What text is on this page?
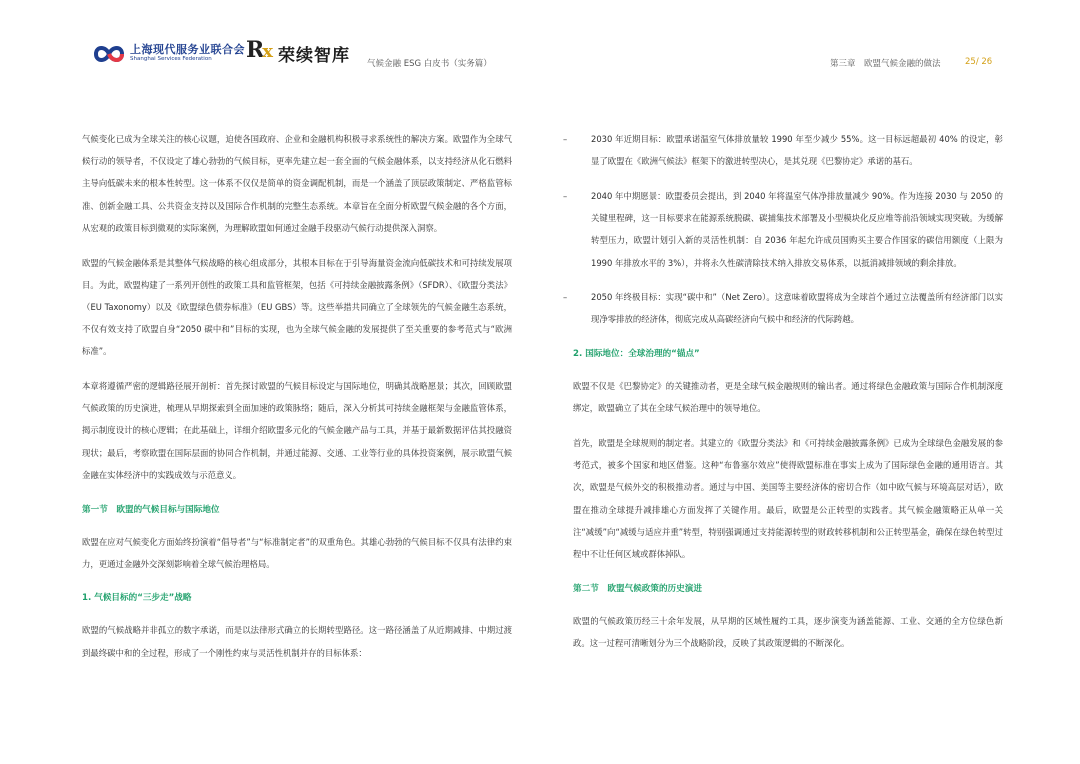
上海现代服务业联合会
Shanghai Services Federation Rx 荣续智库 气候金融 ESG 白皮书（实务篇）	第三章　欧盟气候金融的做法	25/ 26

气候变化已成为全球关注的核心议题，迫使各国政府、企业和金融机构积极寻求系统性的解决方案。欧盟作为全球气候行动的领导者，不仅设定了雄心勃勃的气候目标，更率先建立起一套全面的气候金融体系，以支持经济从化石燃料主导向低碳未来的根本性转型。这一体系不仅仅是简单的资金调配机制，而是一个涵盖了顶层政策制定、严格监管标准、创新金融工具、公共资金支持以及国际合作机制的完整生态系统。本章旨在全面分析欧盟气候金融的各个方面，从宏观的政策目标到微观的实际案例，为理解欧盟如何通过金融手段驱动气候行动提供深入洞察。

欧盟的气候金融体系是其整体气候战略的核心组成部分，其根本目标在于引导海量资金流向低碳技术和可持续发展项目。为此，欧盟构建了一系列开创性的政策工具和监管框架，包括《可持续金融披露条例》（SFDR）、《欧盟分类法》（EU Taxonomy）以及《欧盟绿色债券标准》（EU GBS）等。这些举措共同确立了全球领先的气候金融生态系统，不仅有效支持了欧盟自身“2050 碳中和”目标的实现，也为全球气候金融的发展提供了至关重要的参考范式与“欧洲标准”。

本章将遵循严密的逻辑路径展开剖析：首先探讨欧盟的气候目标设定与国际地位，明确其战略愿景；其次，回顾欧盟气候政策的历史演进，梳理从早期探索到全面加速的政策脉络；随后，深入分析其可持续金融框架与金融监管体系，揭示制度设计的核心逻辑；在此基础上，详细介绍欧盟多元化的气候金融产品与工具，并基于最新数据评估其投融资现状；最后，考察欧盟在国际层面的协同合作机制，并通过能源、交通、工业等行业的具体投资案例，展示欧盟气候金融在实体经济中的实践成效与示范意义。

第一节　欧盟的气候目标与国际地位

欧盟在应对气候变化方面始终扮演着“倡导者”与“标准制定者”的双重角色。其雄心勃勃的气候目标不仅具有法律约束力，更通过金融外交深刻影响着全球气候治理格局。

1. 气候目标的“三步走”战略

欧盟的气候战略并非孤立的数字承诺，而是以法律形式确立的长期转型路径。这一路径涵盖了从近期减排、中期过渡到最终碳中和的全过程，形成了一个刚性约束与灵活性机制并存的目标体系：

–	2030 年近期目标：欧盟承诺温室气体排放量较 1990 年至少减少 55%。这一目标远超最初 40% 的设定，彰显了欧盟在《欧洲气候法》框架下的激进转型决心，是其兑现《巴黎协定》承诺的基石。
–	2040 年中期愿景：欧盟委员会提出，到 2040 年将温室气体净排放量减少 90%。作为连接 2030 与 2050 的关键里程碑，这一目标要求在能源系统脱碳、碳捕集技术部署及小型模块化反应堆等前沿领域实现突破。为缓解转型压力，欧盟计划引入新的灵活性机制：自 2036 年起允许成员国购买主要合作国家的碳信用额度（上限为 1990 年排放水平的 3%），并将永久性碳清除技术纳入排放交易体系，以抵消减排领域的剩余排放。
–	2050 年终极目标：实现“碳中和”（Net Zero）。这意味着欧盟将成为全球首个通过立法覆盖所有经济部门以实现净零排放的经济体，彻底完成从高碳经济向气候中和经济的代际跨越。
2. 国际地位：全球治理的“锚点”

欧盟不仅是《巴黎协定》的关键推动者，更是全球气候金融规则的输出者。通过将绿色金融政策与国际合作机制深度绑定，欧盟确立了其在全球气候治理中的领导地位。

首先，欧盟是全球规则的制定者。其建立的《欧盟分类法》和《可持续金融披露条例》已成为全球绿色金融发展的参考范式，被多个国家和地区借鉴。这种“布鲁塞尔效应”使得欧盟标准在事实上成为了国际绿色金融的通用语言。其次，欧盟是气候外交的积极推动者。通过与中国、美国等主要经济体的密切合作（如中欧气候与环境高层对话），欧盟在推动全球提升减排雄心方面发挥了关键作用。最后，欧盟是公正转型的实践者。其气候金融策略正从单一关注“减缓”向“减缓与适应并重”转型，特别强调通过支持能源转型的财政转移机制和公正转型基金，确保在绿色转型过程中不让任何区域或群体掉队。

第二节　欧盟气候政策的历史演进

欧盟的气候政策历经三十余年发展，从早期的区域性履约工具，逐步演变为涵盖能源、工业、交通的全方位绿色新政。这一过程可清晰划分为三个战略阶段，反映了其政策逻辑的不断深化。
